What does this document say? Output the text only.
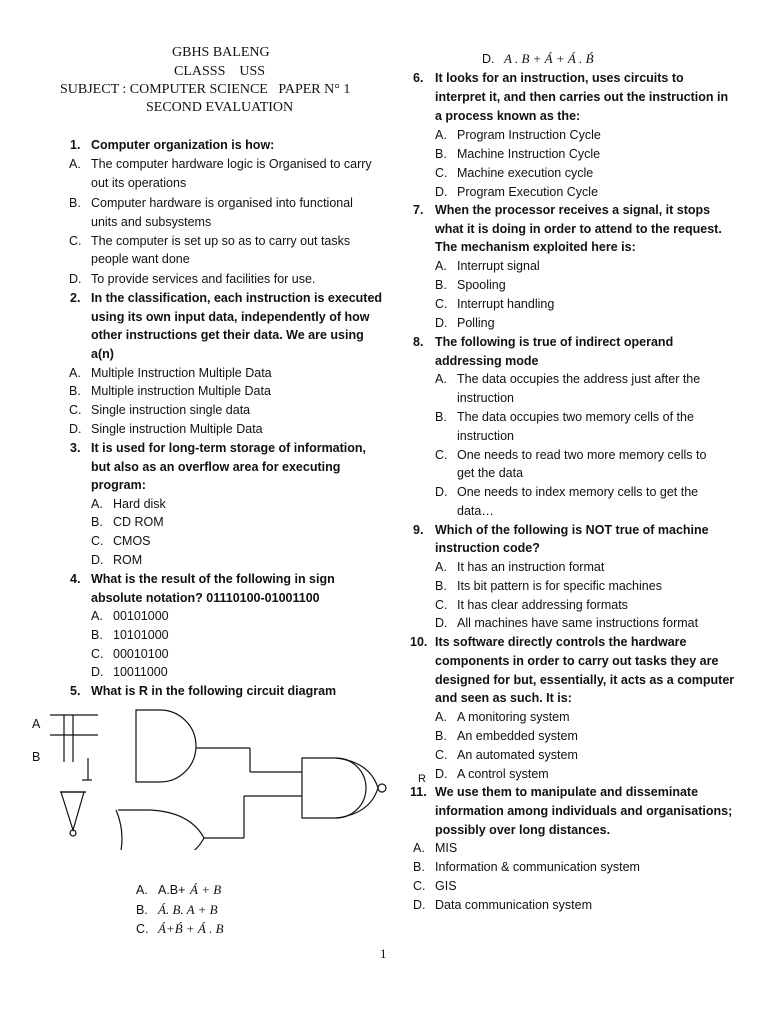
GBHS BALENG
CLASSS    USS
SUBJECT : COMPUTER SCIENCE   PAPER N° 1
SECOND EVALUATION
1. Computer organization is how:
A. The computer hardware logic is Organised to carry
out its operations
B. Computer hardware is organised into functional
units and subsystems
C. The computer is set up so as to carry out tasks
people want done
D. To provide services and facilities for use.
2. In the classification, each instruction is executed
using its own input data, independently of how
other instructions get their data. We are using
a(n)
A. Multiple Instruction Multiple Data
B. Multiple instruction Multiple Data
C. Single instruction single data
D. Single instruction Multiple Data
3. It is used for long-term storage of information,
but also as an overflow area for executing
program:
A. Hard disk
B. CD ROM
C. CMOS
D. ROM
4. What is the result of the following in sign
absolute notation? 01110100-01001100
A. 00101000
B. 10101000
C. 00010100
D. 10011000
5. What is R in the following circuit diagram
A
B
R
A. A.B+ Á + B
B. Á. B. A + B
C. Á+B́ + Á . B
D. A . B + Á + Á . B́
6. It looks for an instruction, uses circuits to
interpret it, and then carries out the instruction in
a process known as the:
A. Program Instruction Cycle
B. Machine Instruction Cycle
C. Machine execution cycle
D. Program Execution Cycle
7. When the processor receives a signal, it stops
what it is doing in order to attend to the request.
The mechanism exploited here is:
A. Interrupt signal
B. Spooling
C. Interrupt handling
D. Polling
8. The following is true of indirect operand
addressing mode
A. The data occupies the address just after the
instruction
B. The data occupies two memory cells of the
instruction
C. One needs to read two more memory cells to
get the data
D. One needs to index memory cells to get the
data…
9. Which of the following is NOT true of machine
instruction code?
A. It has an instruction format
B. Its bit pattern is for specific machines
C. It has clear addressing formats
D. All machines have same instructions format
10. Its software directly controls the hardware
components in order to carry out tasks they are
designed for but, essentially, it acts as a computer
and seen as such. It is:
A. A monitoring system
B. An embedded system
C. An automated system
D. A control system
11. We use them to manipulate and disseminate
information among individuals and organisations;
possibly over long distances.
A. MIS
B. Information & communication system
C. GIS
D. Data communication system
1
